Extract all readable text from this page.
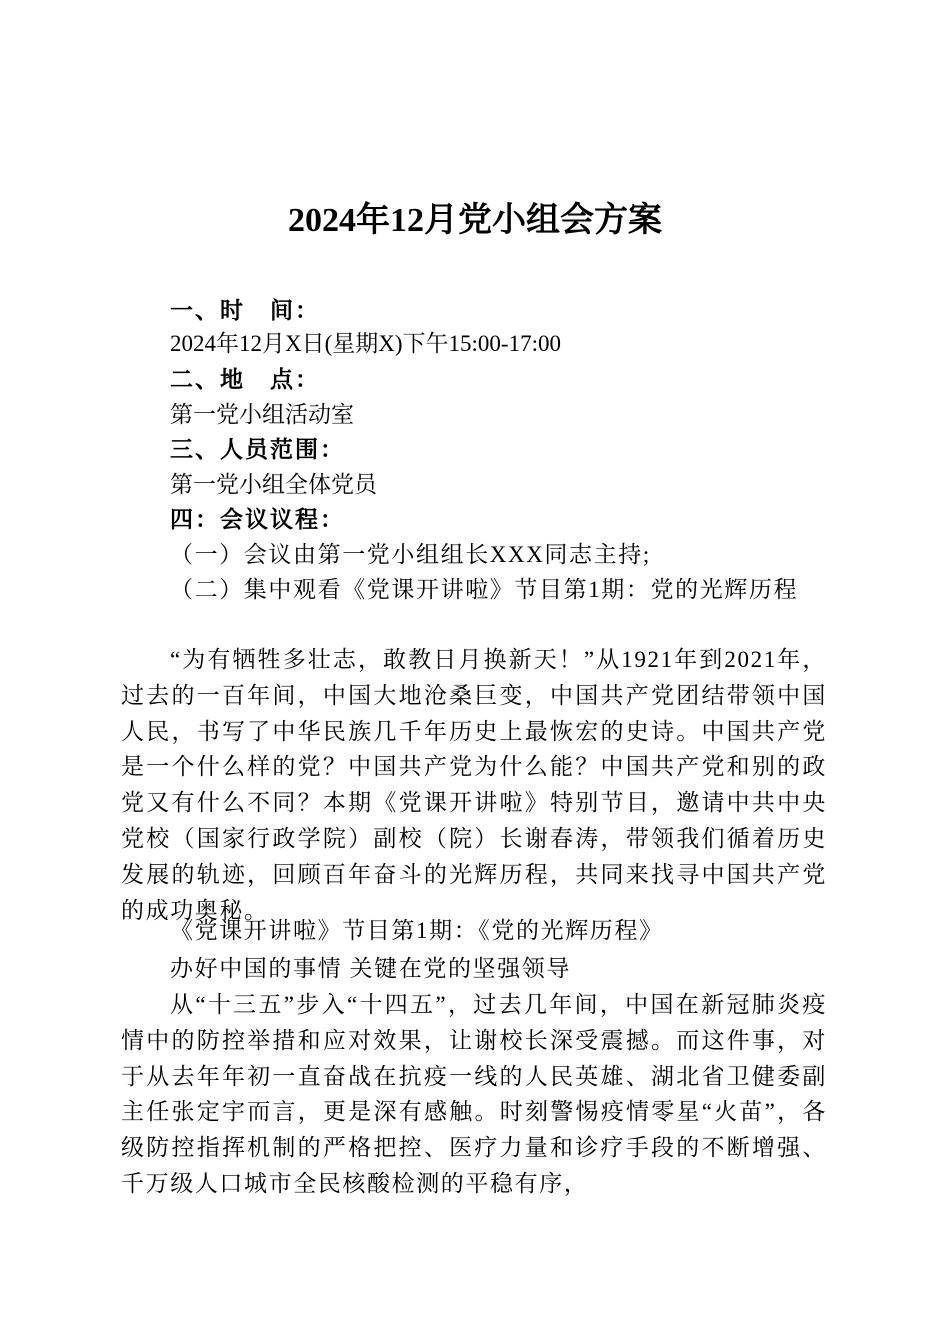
2024年12月党小组会方案
一、时　间：
2024年12月X日(星期X)下午15:00-17:00
二、地　点：
第一党小组活动室
三、人员范围：
第一党小组全体党员
四：会议议程：
（一）会议由第一党小组组长XXX同志主持;
（二）集中观看《党课开讲啦》节目第1期：党的光辉历程
“为有牺牲多壮志，敢教日月换新天！”从1921年到2021年，过去的一百年间，中国大地沧桑巨变，中国共产党团结带领中国人民，书写了中华民族几千年历史上最恢宏的史诗。中国共产党是一个什么样的党？中国共产党为什么能？中国共产党和别的政党又有什么不同？本期《党课开讲啦》特别节目，邀请中共中央党校（国家行政学院）副校（院）长谢春涛，带领我们循着历史发展的轨迹，回顾百年奋斗的光辉历程，共同来找寻中国共产党的成功奥秘。
《党课开讲啦》节目第1期：《党的光辉历程》
办好中国的事情 关键在党的坚强领导
从“十三五”步入“十四五”，过去几年间，中国在新冠肺炎疫情中的防控举措和应对效果，让谢校长深受震撼。而这件事，对于从去年年初一直奋战在抗疫一线的人民英雄、湖北省卫健委副主任张定宇而言，更是深有感触。时刻警惕疫情零星“火苗”，各级防控指挥机制的严格把控、医疗力量和诊疗手段的不断增强、千万级人口城市全民核酸检测的平稳有序，
